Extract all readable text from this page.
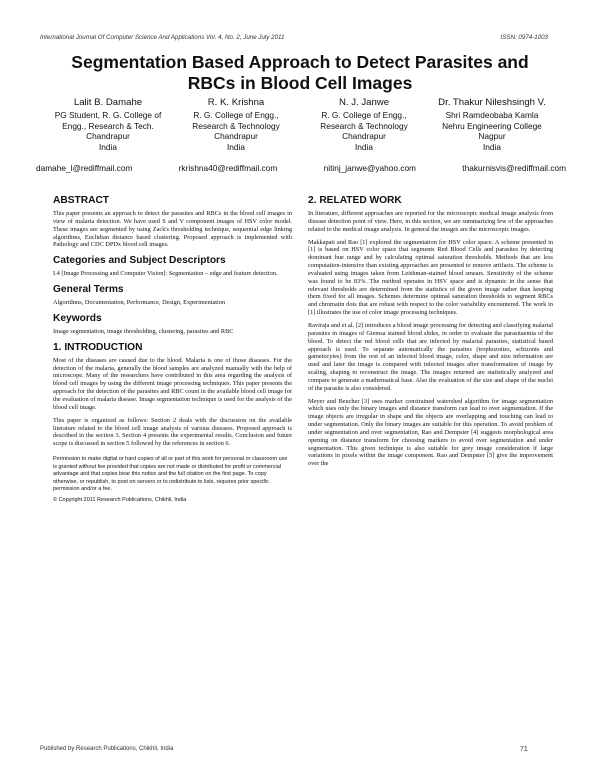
International Journal Of Computer Science And Applications Vol. 4, No. 2, June July 2011	ISSN: 0974-1003
Segmentation Based Approach to Detect Parasites and
RBCs in Blood Cell Images
Lalit B. Damahe
PG Student, R. G. College of
Engg., Research & Tech.
Chandrapur
India
R. K. Krishna
R. G. College of Engg.,
Research & Technology
Chandrapur
India
N. J. Janwe
R. G. College of Engg.,
Research & Technology
Chandrapur
India
Dr. Thakur Nileshsingh V.
Shri Ramdeobaba Kamla
Nehru Engineering College
Nagpur
India
damahe_l@rediffmail.com	rkrishna40@rediffmail.com	nitinj_janwe@yahoo.com	thakurnisvis@rediffmail.com
ABSTRACT

This paper presents an approach to detect the parasites and RBCs in the blood cell images in view of malaria detection. We have used S and V component images of HSV color model. These images are segmented by using Zack's thresholding technique, sequential edge linking algorithms, Euclidian distance based clustering. Proposed approach is implemented with Pathology and CDC DPDx blood cell images.

Categories and Subject Descriptors

I.4 [Image Processing and Computer Vision]: Segmentation – edge and feature detection.

General Terms

Algorithms, Documentation, Performance, Design, Experimentation

Keywords

Image segmentation, image thresholding, clustering, parasites and RBC

1. INTRODUCTION

Most of the diseases are caused due to the blood. Malaria is one of those diseases. For the detection of the malaria, generally the blood samples are analyzed manually with the help of microscope. Many of the researchers have contributed in this area regarding the analysis of blood cell images by using the different image processing techniques. This paper presents the approach for the detection of the parasites and RBC count in the available blood cell image for the evaluation of malaria disease. Image segmentation technique is used for the analysis of the blood cell image.

This paper is organized as follows: Section 2 deals with the discussion on the available literature related to the blood cell image analysis of various diseases. Proposed approach is described in the section 3. Section 4 presents the experimental results. Conclusion and future scope is discussed in section 5 followed by the references in section 6.

Permission to make digital or hard copies of all or part of this work for personal or classroom use is granted without fee provided that copies are not made or distributed for profit or commercial advantage and that copies bear this notice and the full citation on the first page. To copy otherwise, or republish, to post on servers or to redistribute to lists, requires prior specific permission and/or a fee.

© Copyright 2011 Research Publications, Chikhli, India

2. RELATED WORK

In literature, different approaches are reported for the microscopic medical image analysis from disease detection point of view. Here, in this section, we are summarizing few of the approaches related to the medical image analysis. In general the images are the microscopic images.

Makkapati and Rao [1] explored the segmentation for HSV color space. A scheme presented in [1] is based on HSV color space that segments Red Blood Cells and parasites by detecting dominant hue range and by calculating optimal saturation thresholds. Methods that are less computation-intensive than existing approaches are presented to remove artifacts. The scheme is evaluated using images taken from Leishman-stained blood smears. Sensitivity of the scheme was found to be 83%. The method operates in HSV space and is dynamic in the sense that relevant thresholds are determined from the statistics of the given image rather than keeping them fixed for all images. Schemes determine optimal saturation thresholds to segment RBCs and chromatin dots that are robust with respect to the color variability encountered. The work in [1] illustrates the use of color image processing techniques.

Raviraja and et al. [2] introduces a blood image processing for detecting and classifying malarial parasites in images of Giemsa stained blood slides, in order to evaluate the parasitaemia of the blood. To detect the red blood cells that are infected by malarial parasites, statistical based approach is used. To separate automatically the parasites (trophozoites, schizonts and gametocytes) from the rest of an infected blood image, color, shape and size information are used and later the image is compared with infected images after transformation of image by scaling, shaping to reconstruct the image. The images returned are statistically analyzed and compare to generate a mathematical base. Also the evaluation of the size and shape of the nuclei of the parasite is also considered.

Meyer and Beucher [3] uses marker constrained watershed algorithm for image segmentation which uses only the binary images and distance transform can lead to over segmentation. If the image objects are irregular in shape and the objects are overlapping and touching can lead to under segmentation. Only the binary images are suitable for this operation. To avoid problem of under segmentation and over segmentation, Rao and Dempster [4] suggests morphological area opening on distance transform for choosing markers to avoid over segmentation and under segmentation. This given technique is also suitable for grey image consideration if large variations in pixels within the image component. Rao and Dempster [5] give the improvement over the

Published by Research Publications, Chikhli, India	71
